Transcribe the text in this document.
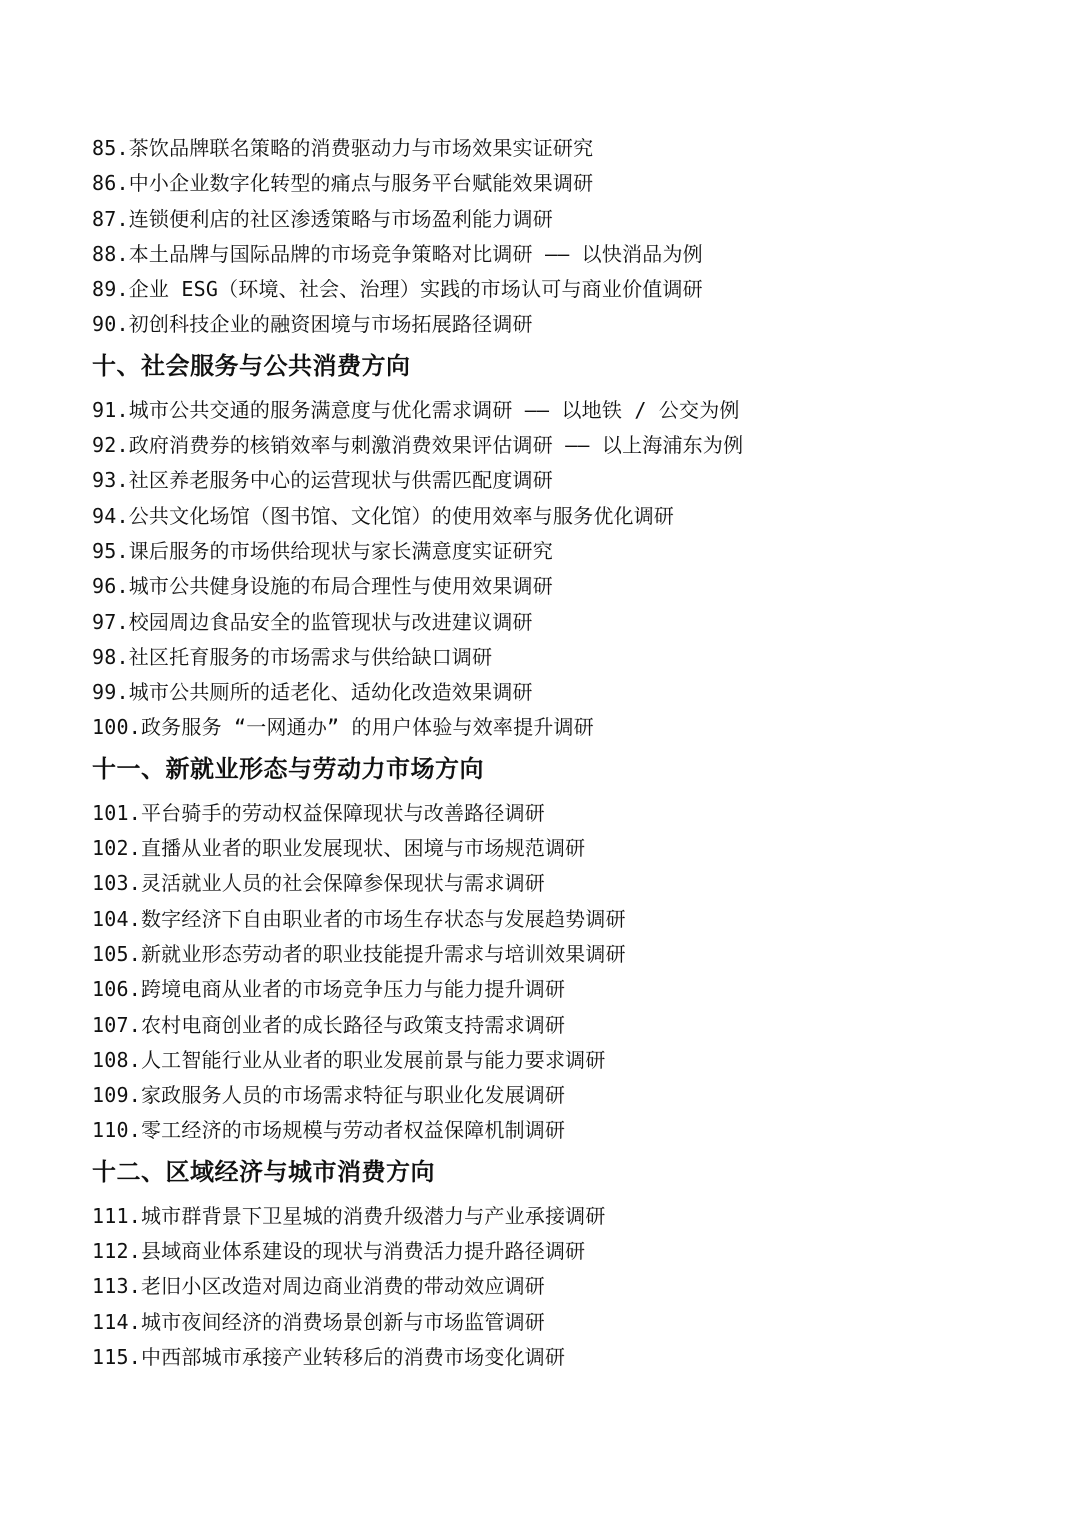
85.茶饮品牌联名策略的消费驱动力与市场效果实证研究
86.中小企业数字化转型的痛点与服务平台赋能效果调研
87.连锁便利店的社区渗透策略与市场盈利能力调研
88.本土品牌与国际品牌的市场竞争策略对比调研 —— 以快消品为例
89.企业 ESG（环境、社会、治理）实践的市场认可与商业价值调研
90.初创科技企业的融资困境与市场拓展路径调研
十、社会服务与公共消费方向
91.城市公共交通的服务满意度与优化需求调研 —— 以地铁 / 公交为例
92.政府消费券的核销效率与刺激消费效果评估调研 —— 以上海浦东为例
93.社区养老服务中心的运营现状与供需匹配度调研
94.公共文化场馆（图书馆、文化馆）的使用效率与服务优化调研
95.课后服务的市场供给现状与家长满意度实证研究
96.城市公共健身设施的布局合理性与使用效果调研
97.校园周边食品安全的监管现状与改进建议调研
98.社区托育服务的市场需求与供给缺口调研
99.城市公共厕所的适老化、适幼化改造效果调研
100.政务服务 “一网通办” 的用户体验与效率提升调研
十一、新就业形态与劳动力市场方向
101.平台骑手的劳动权益保障现状与改善路径调研
102.直播从业者的职业发展现状、困境与市场规范调研
103.灵活就业人员的社会保障参保现状与需求调研
104.数字经济下自由职业者的市场生存状态与发展趋势调研
105.新就业形态劳动者的职业技能提升需求与培训效果调研
106.跨境电商从业者的市场竞争压力与能力提升调研
107.农村电商创业者的成长路径与政策支持需求调研
108.人工智能行业从业者的职业发展前景与能力要求调研
109.家政服务人员的市场需求特征与职业化发展调研
110.零工经济的市场规模与劳动者权益保障机制调研
十二、区域经济与城市消费方向
111.城市群背景下卫星城的消费升级潜力与产业承接调研
112.县域商业体系建设的现状与消费活力提升路径调研
113.老旧小区改造对周边商业消费的带动效应调研
114.城市夜间经济的消费场景创新与市场监管调研
115.中西部城市承接产业转移后的消费市场变化调研
